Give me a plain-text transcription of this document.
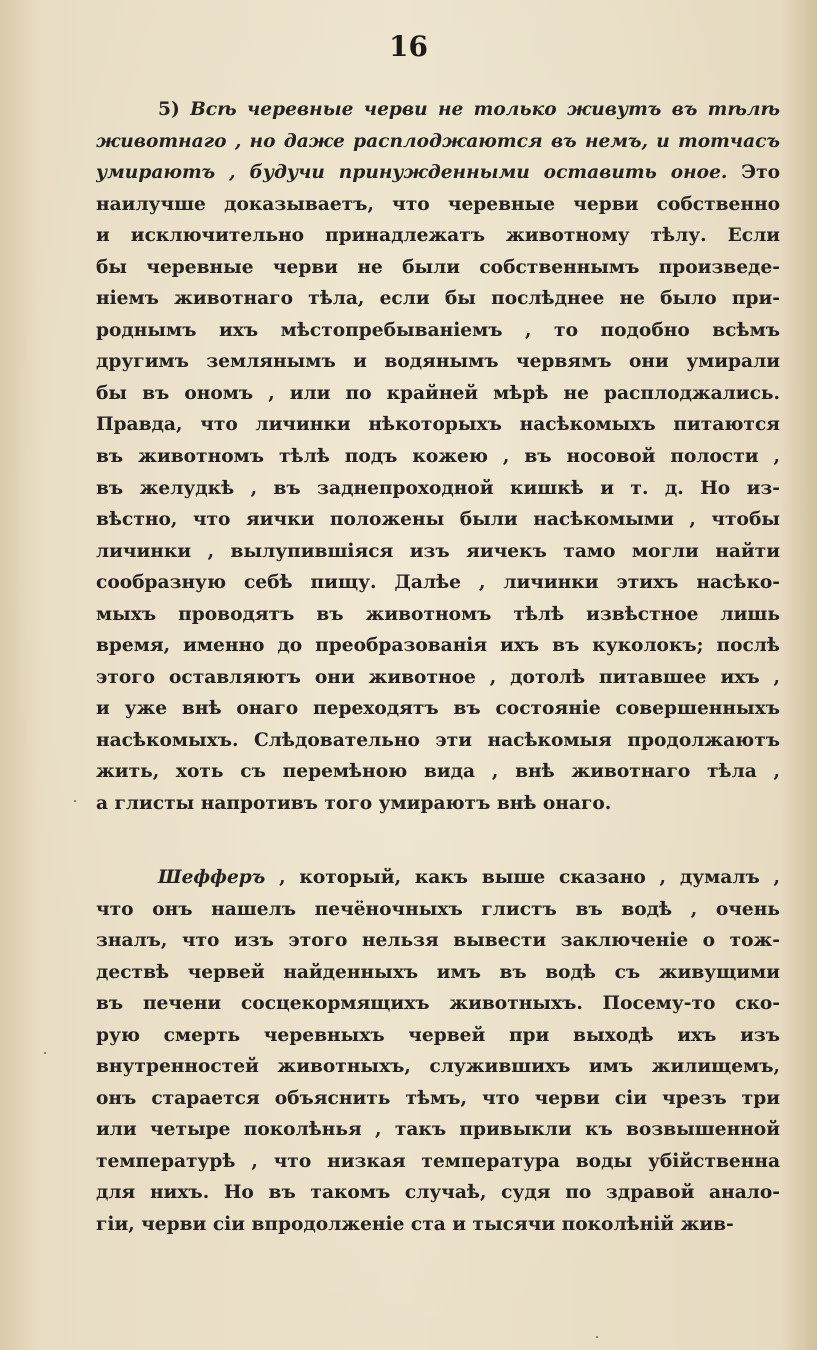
16
5) Всѣ черевные черви не только живутъ въ тѣлѣ
животнаго , но даже расплоджаются въ немъ, и тотчасъ
умираютъ , будучи принужденными оставить оное. Это
наилучше доказываетъ, что черевные черви собственно
и исключительно принадлежатъ животному тѣлу. Если
бы черевные черви не были собственнымъ произведе-
ніемъ животнаго тѣла, если бы послѣднее не было при-
роднымъ ихъ мѣстопребываніемъ , то подобно всѣмъ
другимъ землянымъ и водянымъ червямъ они умирали
бы въ ономъ , или по крайней мѣрѣ не расплоджались.
Правда, что личинки нѣкоторыхъ насѣкомыхъ питаются
въ животномъ тѣлѣ подъ кожею , въ носовой полости ,
въ желудкѣ , въ заднепроходной кишкѣ и т. д. Но из-
вѣстно, что яички положены были насѣкомыми , чтобы
личинки , вылупившіяся изъ яичекъ тамо могли найти
сообразную себѣ пищу. Далѣе , личинки этихъ насѣко-
мыхъ проводятъ въ животномъ тѣлѣ извѣстное лишь
время, именно до преобразованія ихъ въ куколокъ; послѣ
этого оставляютъ они животное , дотолѣ питавшее ихъ ,
и уже внѣ онаго переходятъ въ состояніе совершенныхъ
насѣкомыхъ. Слѣдовательно эти насѣкомыя продолжаютъ
жить, хоть съ перемѣною вида , внѣ животнаго тѣла ,
а глисты напротивъ того умираютъ внѣ онаго.
Шефферъ , который, какъ выше сказано , думалъ ,
что онъ нашелъ печёночныхъ глистъ въ водѣ , очень
зналъ, что изъ этого нельзя вывести заключеніе о тож-
дествѣ червей найденныхъ имъ въ водѣ съ живущими
въ печени сосцекормящихъ животныхъ. Посему-то ско-
рую смерть черевныхъ червей при выходѣ ихъ изъ
внутренностей животныхъ, служившихъ имъ жилищемъ,
онъ старается объяснить тѣмъ, что черви сіи чрезъ три
или четыре поколѣнья , такъ привыкли къ возвышенной
температурѣ , что низкая температура воды убійственна
для нихъ. Но въ такомъ случаѣ, судя по здравой анало-
гіи, черви сіи впродолженіе ста и тысячи поколѣній жив-
